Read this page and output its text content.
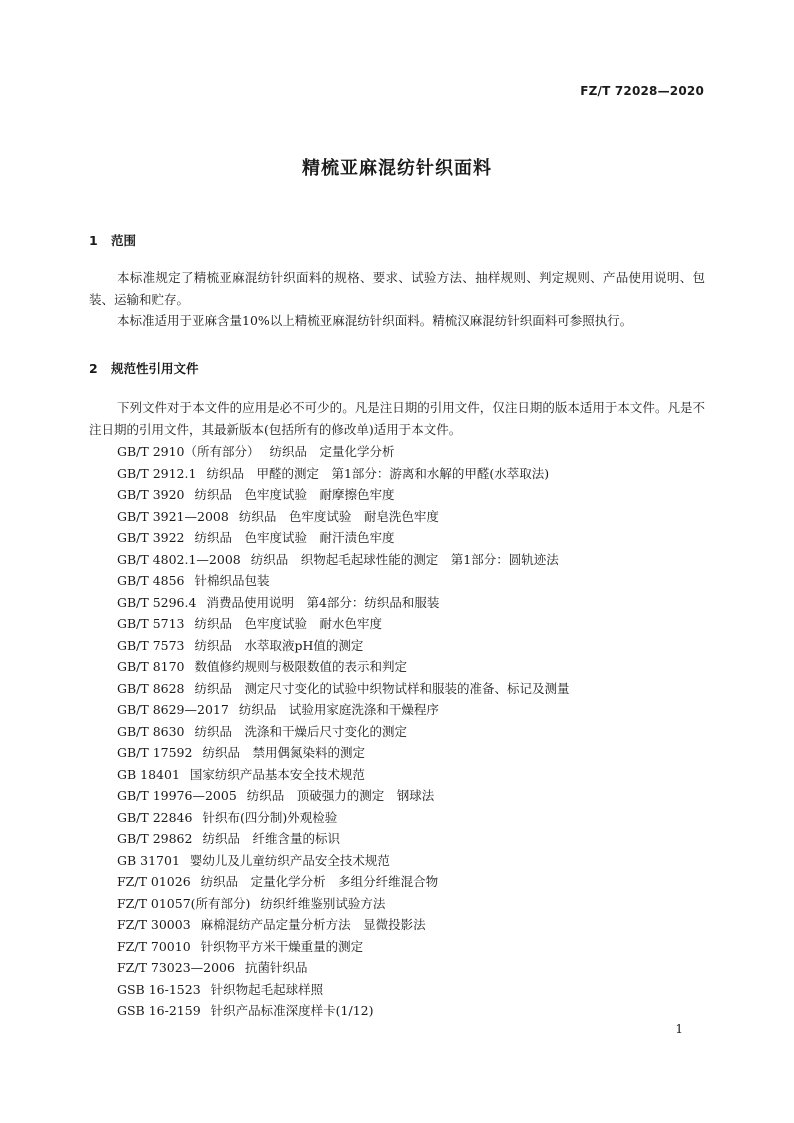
FZ/T 72028—2020
精梳亚麻混纺针织面料
1 范围

本标准规定了精梳亚麻混纺针织面料的规格、要求、试验方法、抽样规则、判定规则、产品使用说明、包装、运输和贮存。

本标准适用于亚麻含量10%以上精梳亚麻混纺针织面料。精梳汉麻混纺针织面料可参照执行。

2 规范性引用文件

下列文件对于本文件的应用是必不可少的。凡是注日期的引用文件，仅注日期的版本适用于本文件。凡是不注日期的引用文件，其最新版本(包括所有的修改单)适用于本文件。

GB/T 2910（所有部分） 纺织品　定量化学分析
GB/T 2912.1 纺织品　甲醛的测定　第1部分：游离和水解的甲醛(水萃取法)
GB/T 3920 纺织品　色牢度试验　耐摩擦色牢度
GB/T 3921—2008 纺织品　色牢度试验　耐皂洗色牢度
GB/T 3922 纺织品　色牢度试验　耐汗渍色牢度
GB/T 4802.1—2008 纺织品　织物起毛起球性能的测定　第1部分：圆轨迹法
GB/T 4856 针棉织品包装
GB/T 5296.4 消费品使用说明　第4部分：纺织品和服装
GB/T 5713 纺织品　色牢度试验　耐水色牢度
GB/T 7573 纺织品　水萃取液pH值的测定
GB/T 8170 数值修约规则与极限数值的表示和判定
GB/T 8628 纺织品　测定尺寸变化的试验中织物试样和服装的准备、标记及测量
GB/T 8629—2017 纺织品　试验用家庭洗涤和干燥程序
GB/T 8630 纺织品　洗涤和干燥后尺寸变化的测定
GB/T 17592 纺织品　禁用偶氮染料的测定
GB 18401 国家纺织产品基本安全技术规范
GB/T 19976—2005 纺织品　顶破强力的测定　钢球法
GB/T 22846 针织布(四分制)外观检验
GB/T 29862 纺织品　纤维含量的标识
GB 31701 婴幼儿及儿童纺织产品安全技术规范
FZ/T 01026 纺织品　定量化学分析　多组分纤维混合物
FZ/T 01057(所有部分) 纺织纤维鉴别试验方法
FZ/T 30003 麻棉混纺产品定量分析方法　显微投影法
FZ/T 70010 针织物平方米干燥重量的测定
FZ/T 73023—2006 抗菌针织品
GSB 16-1523 针织物起毛起球样照
GSB 16-2159 针织产品标准深度样卡(1/12)
1
